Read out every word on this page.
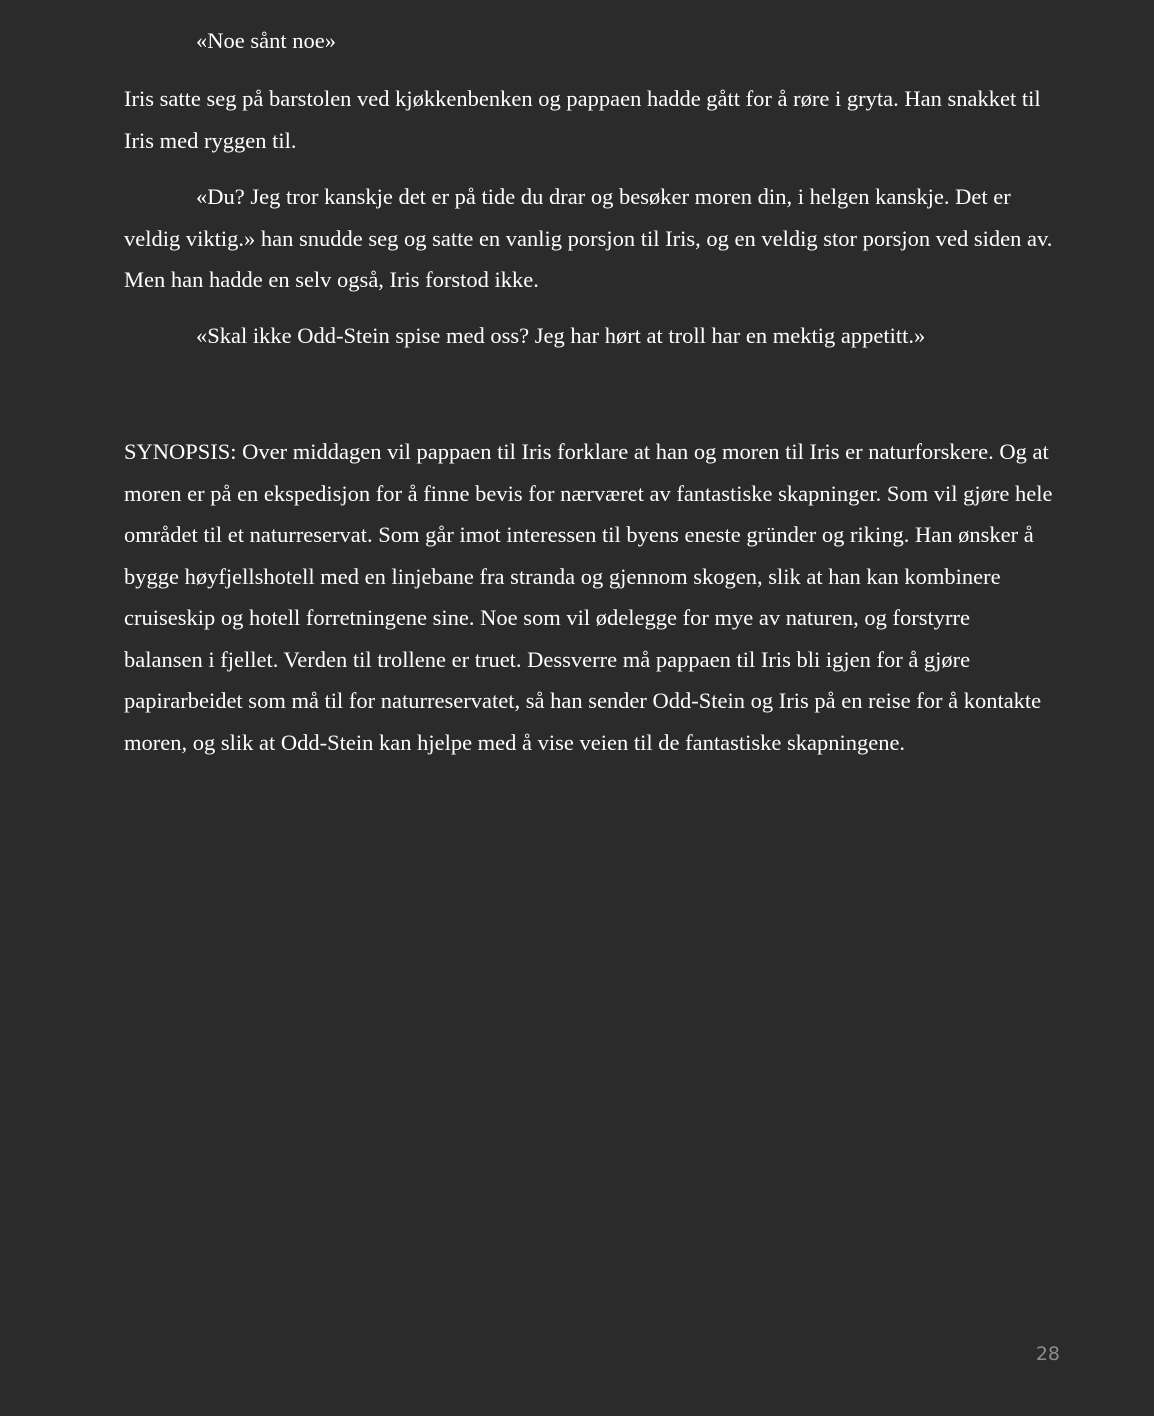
«Noe sånt noe»

Iris satte seg på barstolen ved kjøkkenbenken og pappaen hadde gått for å røre i gryta. Han snakket til Iris med ryggen til.

«Du? Jeg tror kanskje det er på tide du drar og besøker moren din, i helgen kanskje. Det er veldig viktig.» han snudde seg og satte en vanlig porsjon til Iris, og en veldig stor porsjon ved siden av. Men han hadde en selv også, Iris forstod ikke.

«Skal ikke Odd-Stein spise med oss? Jeg har hørt at troll har en mektig appetitt.»

SYNOPSIS: Over middagen vil pappaen til Iris forklare at han og moren til Iris er naturforskere. Og at moren er på en ekspedisjon for å finne bevis for nærværet av fantastiske skapninger. Som vil gjøre hele området til et naturreservat. Som går imot interessen til byens eneste gründer og riking. Han ønsker å bygge høyfjellshotell med en linjebane fra stranda og gjennom skogen, slik at han kan kombinere cruiseskip og hotell forretningene sine. Noe som vil ødelegge for mye av naturen, og forstyrre balansen i fjellet. Verden til trollene er truet. Dessverre må pappaen til Iris bli igjen for å gjøre papirarbeidet som må til for naturreservatet, så han sender Odd-Stein og Iris på en reise for å kontakte moren, og slik at Odd-Stein kan hjelpe med å vise veien til de fantastiske skapningene.

28
